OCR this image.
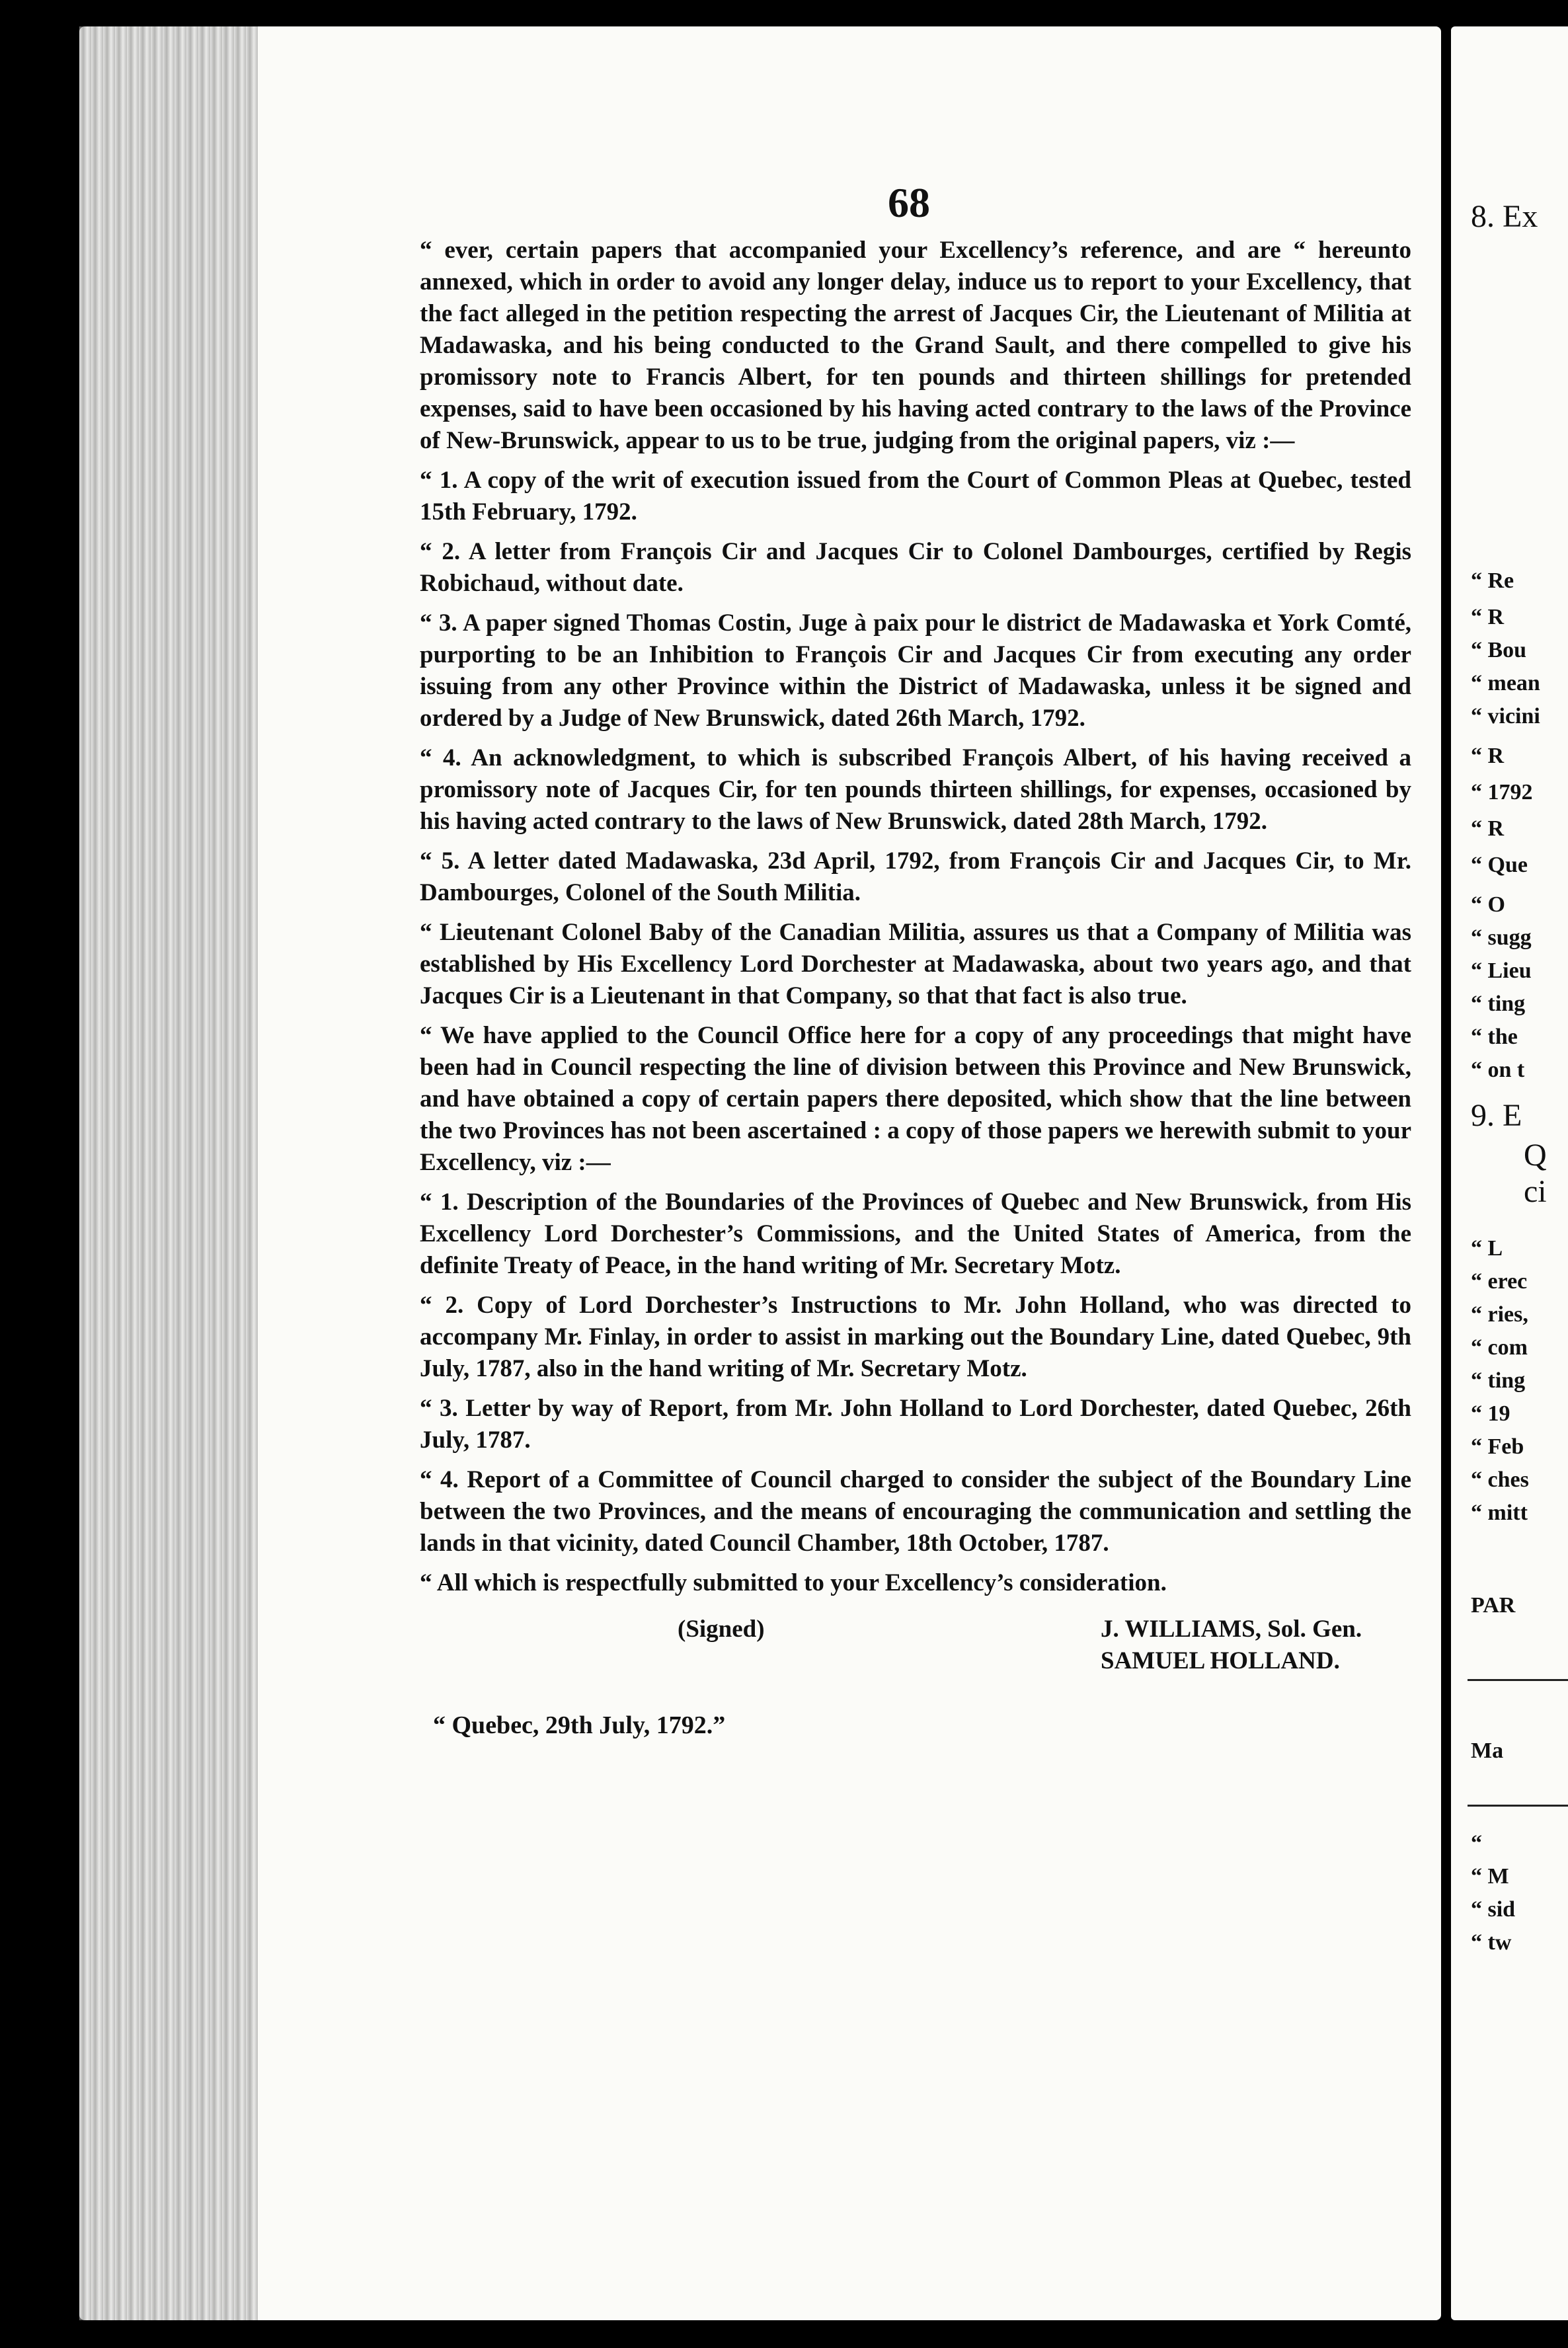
68

“ ever, certain papers that accompanied your Excellency’s reference, and are “ hereunto annexed, which in order to avoid any longer delay, induce us to report to your Excellency, that the fact alleged in the petition respecting the arrest of Jacques Cir, the Lieutenant of Militia at Madawaska, and his being conducted to the Grand Sault, and there compelled to give his promissory note to Francis Albert, for ten pounds and thirteen shillings for pretended expenses, said to have been occasioned by his having acted contrary to the laws of the Province of New-Brunswick, appear to us to be true, judging from the original papers, viz :—

“ 1. A copy of the writ of execution issued from the Court of Common Pleas at Quebec, tested 15th February, 1792.

“ 2. A letter from François Cir and Jacques Cir to Colonel Dambourges, certified by Regis Robichaud, without date.

“ 3. A paper signed Thomas Costin, Juge à paix pour le district de Madawaska et York Comté, purporting to be an Inhibition to François Cir and Jacques Cir from executing any order issuing from any other Province within the District of Madawaska, unless it be signed and ordered by a Judge of New Brunswick, dated 26th March, 1792.

“ 4. An acknowledgment, to which is subscribed François Albert, of his having received a promissory note of Jacques Cir, for ten pounds thirteen shillings, for expenses, occasioned by his having acted contrary to the laws of New Brunswick, dated 28th March, 1792.

“ 5. A letter dated Madawaska, 23d April, 1792, from François Cir and Jacques Cir, to Mr. Dambourges, Colonel of the South Militia.

“ Lieutenant Colonel Baby of the Canadian Militia, assures us that a Company of Militia was established by His Excellency Lord Dorchester at Madawaska, about two years ago, and that Jacques Cir is a Lieutenant in that Company, so that that fact is also true.

“ We have applied to the Council Office here for a copy of any proceedings that might have been had in Council respecting the line of division between this Province and New Brunswick, and have obtained a copy of certain papers there deposited, which show that the line between the two Provinces has not been ascertained : a copy of those papers we herewith submit to your Excellency, viz :—

“ 1. Description of the Boundaries of the Provinces of Quebec and New Brunswick, from His Excellency Lord Dorchester’s Commissions, and the United States of America, from the definite Treaty of Peace, in the hand writing of Mr. Secretary Motz.

“ 2. Copy of Lord Dorchester’s Instructions to Mr. John Holland, who was directed to accompany Mr. Finlay, in order to assist in marking out the Boundary Line, dated Quebec, 9th July, 1787, also in the hand writing of Mr. Secretary Motz.

“ 3. Letter by way of Report, from Mr. John Holland to Lord Dorchester, dated Quebec, 26th July, 1787.

“ 4. Report of a Committee of Council charged to consider the subject of the Boundary Line between the two Provinces, and the means of encouraging the communication and settling the lands in that vicinity, dated Council Chamber, 18th October, 1787.

“ All which is respectfully submitted to your Excellency’s consideration.

(Signed)	J. WILLIAMS, Sol. Gen.
SAMUEL HOLLAND.
“ Quebec, 29th July, 1792.”
8. Ex
“ Re
“ R
“ Bou
“ mean
“ vicini
“ R
“ 1792
“ R
“ Que
“ O
“ sugg
“ Lieu
“ ting
“ the
“ on t
9. E
Q
ci
“ L
“ erec
“ ries,
“ com
“ ting
“ 19
“ Feb
“ ches
“ mitt
PAR
Ma
“
“ M
“ sid
“ tw
